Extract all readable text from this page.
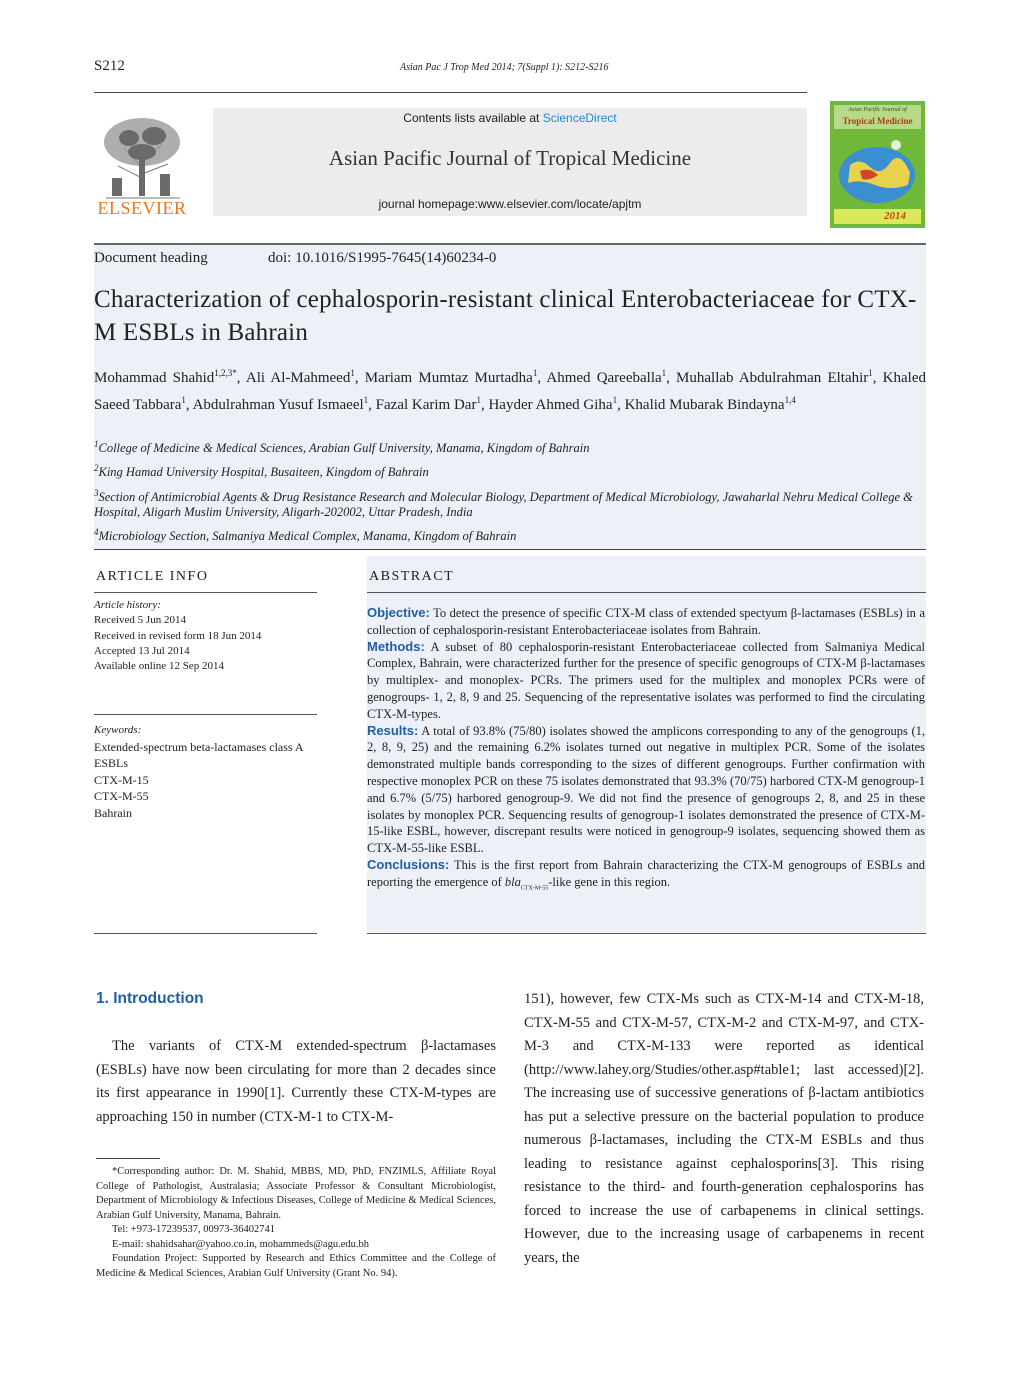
S212	Asian Pac J Trop Med 2014; 7(Suppl 1): S212-S216
ELSEVIER
Contents lists available at ScienceDirect
Asian Pacific Journal of Tropical Medicine
journal homepage:www.elsevier.com/locate/apjtm
Asian Pacific Journal of
Tropical Medicine
2014
Document heading	doi: 10.1016/S1995-7645(14)60234-0
Characterization of cephalosporin-resistant clinical Enterobacteriaceae for CTX-M ESBLs in Bahrain
Mohammad Shahid$^{1,2,3*}$, Ali Al-Mahmeed$^1$, Mariam Mumtaz Murtadha$^1$, Ahmed Qareeballa$^1$, Muhallab Abdulrahman Eltahir$^1$, Khaled Saeed Tabbara$^1$, Abdulrahman Yusuf Ismaeel$^1$, Fazal Karim Dar$^1$, Hayder Ahmed Giha$^1$, Khalid Mubarak Bindayna$^{1,4}$
$^1$College of Medicine & Medical Sciences, Arabian Gulf University, Manama, Kingdom of Bahrain
$^2$King Hamad University Hospital, Busaiteen, Kingdom of Bahrain
$^3$Section of Antimicrobial Agents & Drug Resistance Research and Molecular Biology, Department of Medical Microbiology, Jawaharlal Nehru Medical College & Hospital, Aligarh Muslim University, Aligarh-202002, Uttar Pradesh, India
$^4$Microbiology Section, Salmaniya Medical Complex, Manama, Kingdom of Bahrain
ARTICLE INFO
Article history:
Received 5 Jun 2014
Received in revised form 18 Jun 2014
Accepted 13 Jul 2014
Available online 12 Sep 2014
Keywords:
Extended-spectrum beta-lactamases class A ESBLs
CTX-M-15
CTX-M-55
Bahrain
ABSTRACT
Objective: To detect the presence of specific CTX-M class of extended spectyum β-lactamases (ESBLs) in a collection of cephalosporin-resistant Enterobacteriaceae isolates from Bahrain.
Methods: A subset of 80 cephalosporin-resistant Enterobacteriaceae collected from Salmaniya Medical Complex, Bahrain, were characterized further for the presence of specific genogroups of CTX-M β-lactamases by multiplex- and monoplex- PCRs. The primers used for the multiplex and monoplex PCRs were of genogroups- 1, 2, 8, 9 and 25. Sequencing of the representative isolates was performed to find the circulating CTX-M-types.
Results: A total of 93.8% (75/80) isolates showed the amplicons corresponding to any of the genogroups (1, 2, 8, 9, 25) and the remaining 6.2% isolates turned out negative in multiplex PCR. Some of the isolates demonstrated multiple bands corresponding to the sizes of different genogroups. Further confirmation with respective monoplex PCR on these 75 isolates demonstrated that 93.3% (70/75) harbored CTX-M genogroup-1 and 6.7% (5/75) harbored genogroup-9. We did not find the presence of genogroups 2, 8, and 25 in these isolates by monoplex PCR. Sequencing results of genogroup-1 isolates demonstrated the presence of CTX-M-15-like ESBL, however, discrepant results were noticed in genogroup-9 isolates, sequencing showed them as CTX-M-55-like ESBL.
Conclusions: This is the first report from Bahrain characterizing the CTX-M genogroups of ESBLs and reporting the emergence of bla$_{CTX-M-55}$-like gene in this region.
1. Introduction

The variants of CTX-M extended-spectrum β-lactamases (ESBLs) have now been circulating for more than 2 decades since its first appearance in 1990[1]. Currently these CTX-M-types are approaching 150 in number (CTX-M-1 to CTX-M-

151), however, few CTX-Ms such as CTX-M-14 and CTX-M-18, CTX-M-55 and CTX-M-57, CTX-M-2 and CTX-M-97, and CTX-M-3 and CTX-M-133 were reported as identical (http://www.lahey.org/Studies/other.asp#table1; last accessed)[2]. The increasing use of successive generations of β-lactam antibiotics has put a selective pressure on the bacterial population to produce numerous β-lactamases, including the CTX-M ESBLs and thus leading to resistance against cephalosporins[3]. This rising resistance to the third- and fourth-generation cephalosporins has forced to increase the use of carbapenems in clinical settings. However, due to the increasing usage of carbapenems in recent years, the

*Corresponding author: Dr. M. Shahid, MBBS, MD, PhD, FNZIMLS, Affiliate Royal College of Pathologist, Australasia; Associate Professor & Consultant Microbiologist, Department of Microbiology & Infectious Diseases, College of Medicine & Medical Sciences, Arabian Gulf University, Manama, Bahrain.

Tel: +973-17239537, 00973-36402741

E-mail: shahidsahar@yahoo.co.in, mohammeds@agu.edu.bh

Foundation Project: Supported by Research and Ethics Committee and the College of Medicine & Medical Sciences, Arabian Gulf University (Grant No. 94).
